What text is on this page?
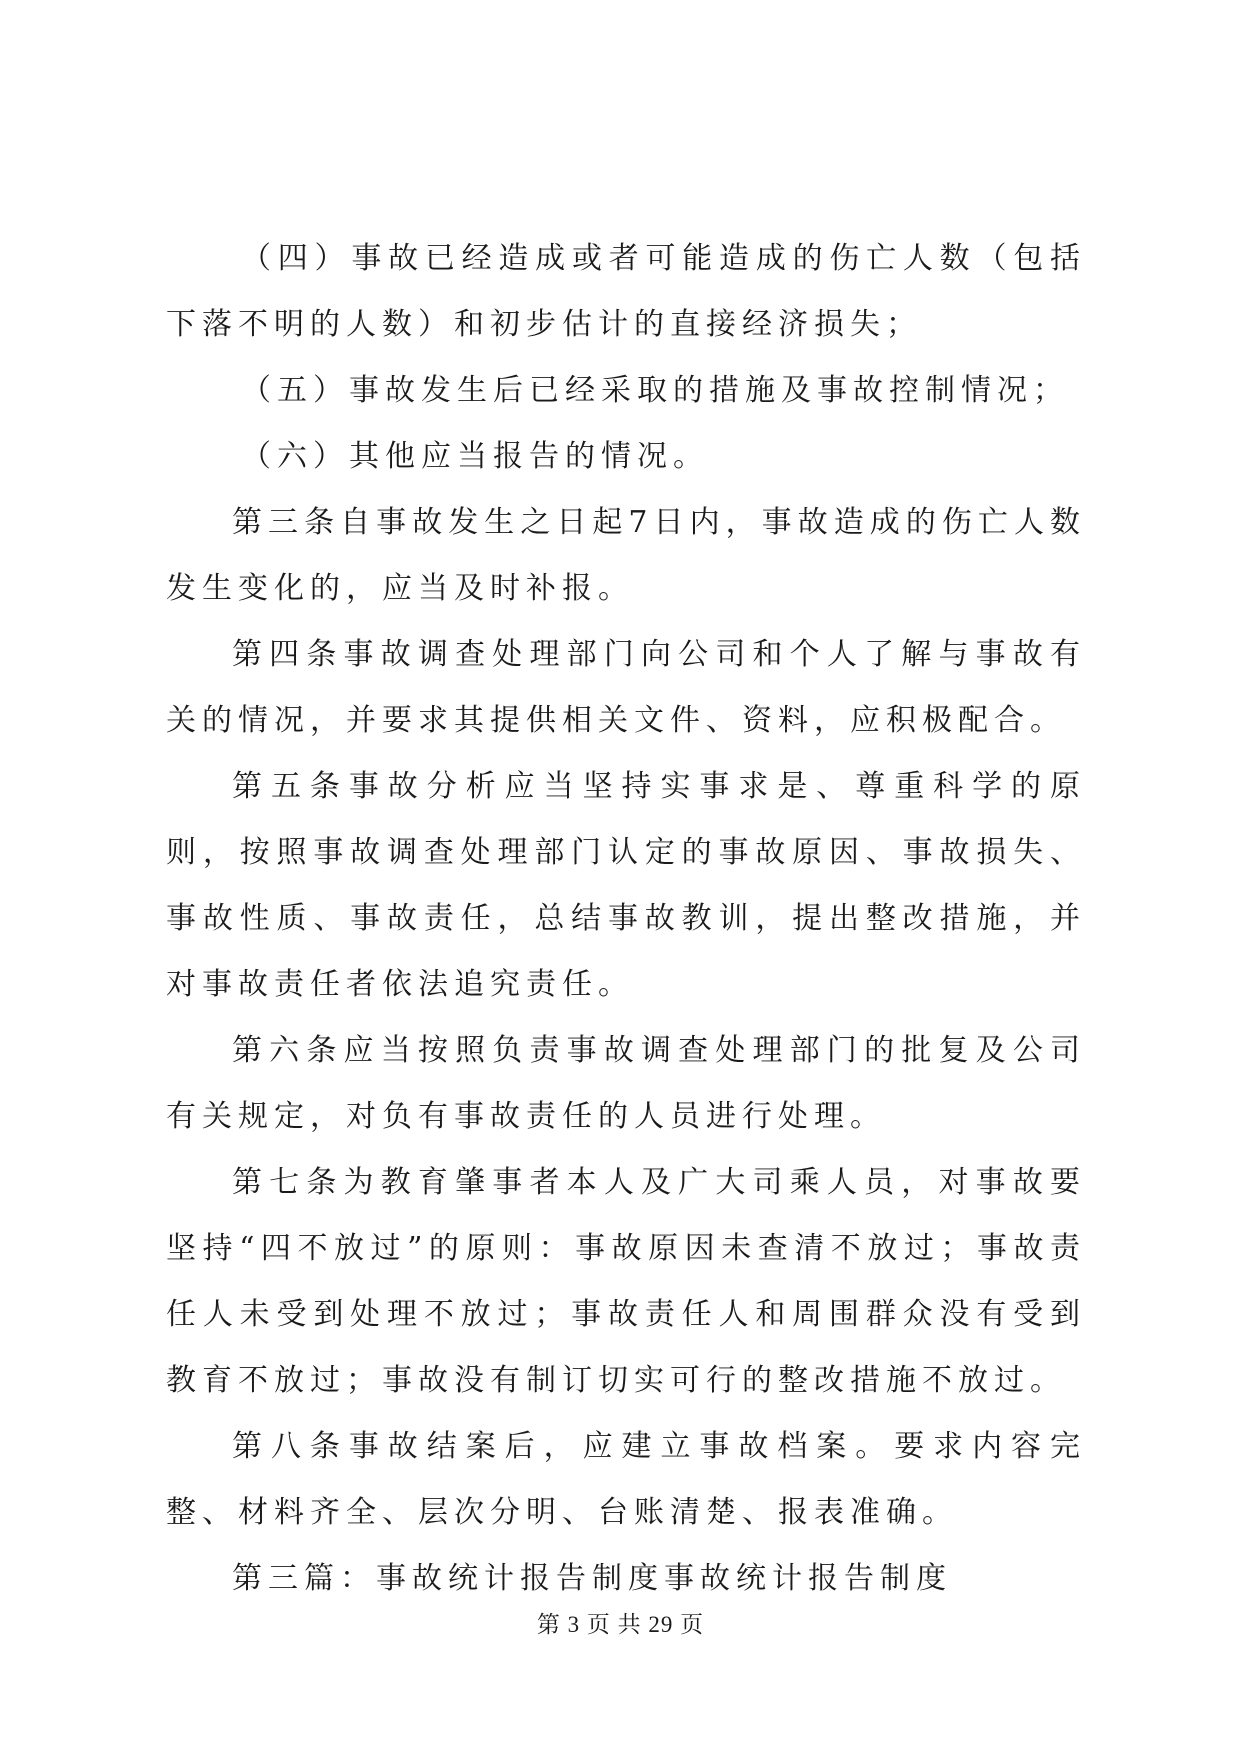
（四）事故已经造成或者可能造成的伤亡人数（包括下落不明的人数）和初步估计的直接经济损失；

（五）事故发生后已经采取的措施及事故控制情况；

（六）其他应当报告的情况。

第三条自事故发生之日起7日内，事故造成的伤亡人数发生变化的，应当及时补报。

第四条事故调查处理部门向公司和个人了解与事故有关的情况，并要求其提供相关文件、资料，应积极配合。

第五条事故分析应当坚持实事求是、尊重科学的原则，按照事故调查处理部门认定的事故原因、事故损失、事故性质、事故责任，总结事故教训，提出整改措施，并对事故责任者依法追究责任。

第六条应当按照负责事故调查处理部门的批复及公司有关规定，对负有事故责任的人员进行处理。

第七条为教育肇事者本人及广大司乘人员，对事故要坚持“四不放过”的原则：事故原因未查清不放过；事故责任人未受到处理不放过；事故责任人和周围群众没有受到教育不放过；事故没有制订切实可行的整改措施不放过。

第八条事故结案后，应建立事故档案。要求内容完整、材料齐全、层次分明、台账清楚、报表准确。

第三篇：事故统计报告制度事故统计报告制度

第 3 页 共 29 页
